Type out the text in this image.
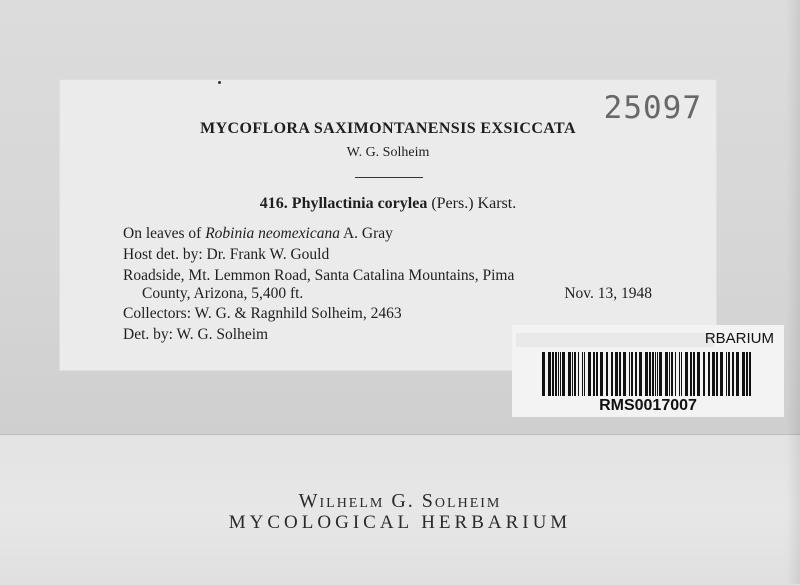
25097
MYCOFLORA SAXIMONTANENSIS EXSICCATA
W. G. Solheim
416. Phyllactinia corylea (Pers.) Karst.
On leaves of Robinia neomexicana A. Gray
Host det. by: Dr. Frank W. Gould
Roadside, Mt. Lemmon Road, Santa Catalina Mountains, Pima
County, Arizona, 5,400 ft.	Nov. 13, 1948
Collectors: W. G. & Ragnhild Solheim, 2463
Det. by: W. G. Solheim	RBARIUM
RMS0017007
Wilhelm G. Solheim
MYCOLOGICAL HERBARIUM
